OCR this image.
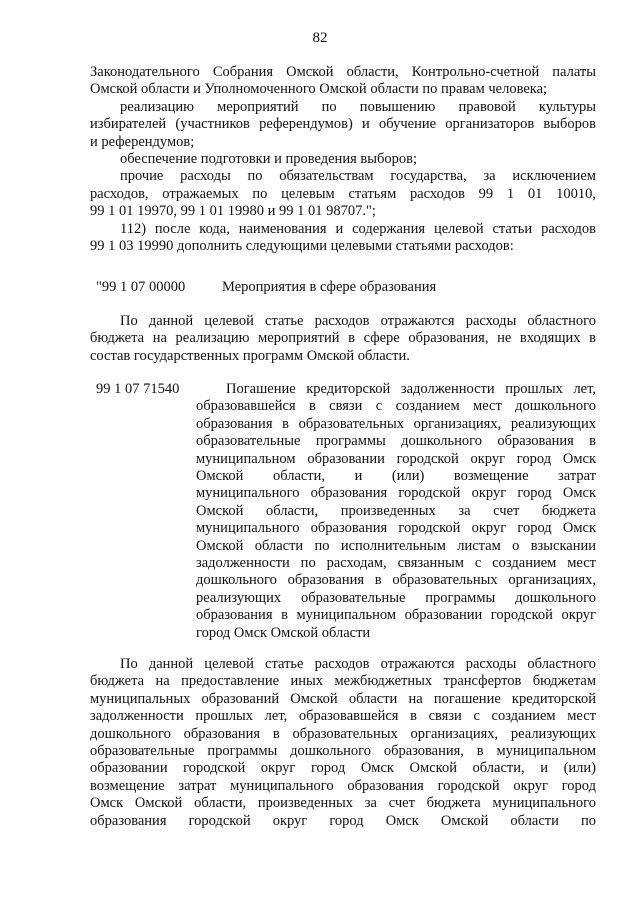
82
Законодательного Собрания Омской области, Контрольно-счетной палаты
Омской области и Уполномоченного Омской области по правам человека;
реализацию мероприятий по повышению правовой культуры
избирателей (участников референдумов) и обучение организаторов выборов
и референдумов;
обеспечение подготовки и проведения выборов;
прочие расходы по обязательствам государства, за исключением
расходов, отражаемых по целевым статьям расходов 99 1 01 10010,
99 1 01 19970, 99 1 01 19980 и 99 1 01 98707.";
112) после кода, наименования и содержания целевой статьи расходов
99 1 03 19990 дополнить следующими целевыми статьями расходов:
"99 1 07 00000	Мероприятия в сфере образования
По данной целевой статье расходов отражаются расходы областного
бюджета на реализацию мероприятий в сфере образования, не входящих в
состав государственных программ Омской области.
99 1 07 71540	Погашение кредиторской задолженности прошлых лет,
образовавшейся в связи с созданием мест дошкольного
образования в образовательных организациях, реализующих
образовательные программы дошкольного образования в
муниципальном образовании городской округ город Омск
Омской области, и (или) возмещение затрат
муниципального образования городской округ город Омск
Омской области, произведенных за счет бюджета
муниципального образования городской округ город Омск
Омской области по исполнительным листам о взыскании
задолженности по расходам, связанным с созданием мест
дошкольного образования в образовательных организациях,
реализующих образовательные программы дошкольного
образования в муниципальном образовании городской округ
город Омск Омской области
По данной целевой статье расходов отражаются расходы областного
бюджета на предоставление иных межбюджетных трансфертов бюджетам
муниципальных образований Омской области на погашение кредиторской
задолженности прошлых лет, образовавшейся в связи с созданием мест
дошкольного образования в образовательных организациях, реализующих
образовательные программы дошкольного образования, в муниципальном
образовании городской округ город Омск Омской области, и (или)
возмещение затрат муниципального образования городской округ город
Омск Омской области, произведенных за счет бюджета муниципального
образования городской округ город Омск Омской области по
